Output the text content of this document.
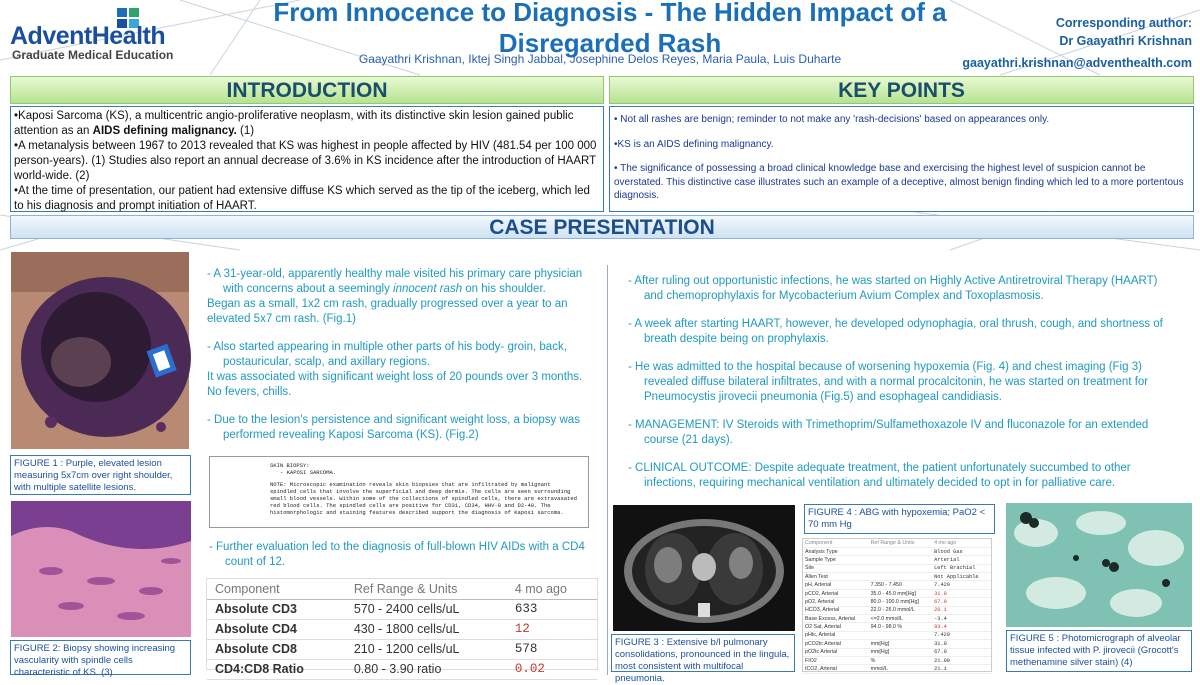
AdventHealth
Graduate Medical Education
From Innocence to Diagnosis - The Hidden Impact of a Disregarded Rash
Gaayathri Krishnan, Iktej Singh Jabbal, Josephine Delos Reyes, Maria Paula, Luis Duharte
Corresponding author:
Dr Gaayathri Krishnan
gaayathri.krishnan@adventhealth.com
INTRODUCTION
•Kaposi Sarcoma (KS), a multicentric angio-proliferative neoplasm, with its distinctive skin lesion gained public attention as an AIDS defining malignancy. (1)
•A metanalysis between 1967 to 2013 revealed that KS was highest in people affected by HIV (481.54 per 100 000 person-years). (1) Studies also report an annual decrease of 3.6% in KS incidence after the introduction of HAART world-wide. (2)
•At the time of presentation, our patient had extensive diffuse KS which served as the tip of the iceberg, which led to his diagnosis and prompt initiation of HAART.
KEY POINTS

• Not all rashes are benign; reminder to not make any 'rash-decisions' based on appearances only.

•KS is an AIDS defining malignancy.

• The significance of possessing a broad clinical knowledge base and exercising the highest level of suspicion cannot be overstated. This distinctive case illustrates such an example of a deceptive, almost benign finding which led to a more portentous diagnosis.

CASE PRESENTATION
FIGURE 1 : Purple, elevated lesion measuring 5x7cm over right shoulder, with multiple satellite lesions.
FIGURE 2: Biopsy showing increasing vascularity with spindle cells characteristic of KS. (3)

- A 31-year-old, apparently healthy male visited his primary care physician with concerns about a seemingly innocent rash on his shoulder.

Began as a small, 1x2 cm rash, gradually progressed over a year to an elevated 5x7 cm rash. (Fig.1)

- Also started appearing in multiple other parts of his body- groin, back, postauricular, scalp, and axillary regions.

It was associated with significant weight loss of 20 pounds over 3 months. No fevers, chills.

- Due to the lesion's persistence and significant weight loss, a biopsy was performed revealing Kaposi Sarcoma (KS). (Fig.2)

SKIN BIOPSY:
- KAPOSI SARCOMA.
NOTE: Microscopic examination reveals skin biopsies that are infiltrated by malignant spindled cells that involve the superficial and deep dermis. The cells are seen surrounding small blood vessels. Within some of the collections of spindled cells, there are extravasated red blood cells. The spindled cells are positive for CD31, CD34, HHV-8 and D2-40. The histomorphologic and staining features described support the diagnosis of Kaposi sarcoma.

- Further evaluation led to the diagnosis of full-blown HIV AIDs with a CD4 count of 12.

Component	Ref Range & Units	4 mo ago
Absolute CD3	570 - 2400 cells/uL	633
Absolute CD4	430 - 1800 cells/uL	12
Absolute CD8	210 - 1200 cells/uL	578
CD4:CD8 Ratio	0.80 - 3.90 ratio	0.02

- After ruling out opportunistic infections, he was started on Highly Active Antiretroviral Therapy (HAART) and chemoprophylaxis for Mycobacterium Avium Complex and Toxoplasmosis.

- A week after starting HAART, however, he developed odynophagia, oral thrush, cough, and shortness of breath despite being on prophylaxis.

- He was admitted to the hospital because of worsening hypoxemia (Fig. 4) and chest imaging (Fig 3) revealed diffuse bilateral infiltrates, and with a normal procalcitonin, he was started on treatment for Pneumocystis jirovecii pneumonia (Fig.5) and esophageal candidiasis.

- MANAGEMENT: IV Steroids with Trimethoprim/Sulfamethoxazole IV and fluconazole for an extended course (21 days).

- CLINICAL OUTCOME: Despite adequate treatment, the patient unfortunately succumbed to other infections, requiring mechanical ventilation and ultimately decided to opt in for palliative care.

FIGURE 3 : Extensive b/l pulmonary consolidations, pronounced in the lingula, most consistent with multifocal pneumonia.
FIGURE 4 : ABG with hypoxemia; PaO2 < 70 mm Hg
Component	Ref Range & Units	4 mo ago
Analysis Type		Blood Gas
Sample Type		Arterial
Site		Left Brachial
Allen Test		Not Applicable
pH, Arterial	7.350 - 7.450	7.420
pCO2, Arterial	35.0 - 45.0 mm[Hg]	31.0
pO2, Arterial	80.0 - 100.0 mm[Hg]	67.0
HCO3, Arterial	22.0 - 26.0 mmol/L	20.1
Base Excess, Arterial	<=2.0 mmol/L	-3.4
O2 Sat, Arterial	94.0 - 98.0 %	93.4
pHtc, Arterial		7.420
pCO2tc Arterial	mm[Hg]	31.0
pO2tc Arterial	mm[Hg]	67.0
FIO2	%	21.00
tCO2, Arterial	mmol/L	21.1
FIGURE 5 : Photomicrograph of alveolar tissue infected with P. jirovecii (Grocott's methenamine silver stain) (4)
